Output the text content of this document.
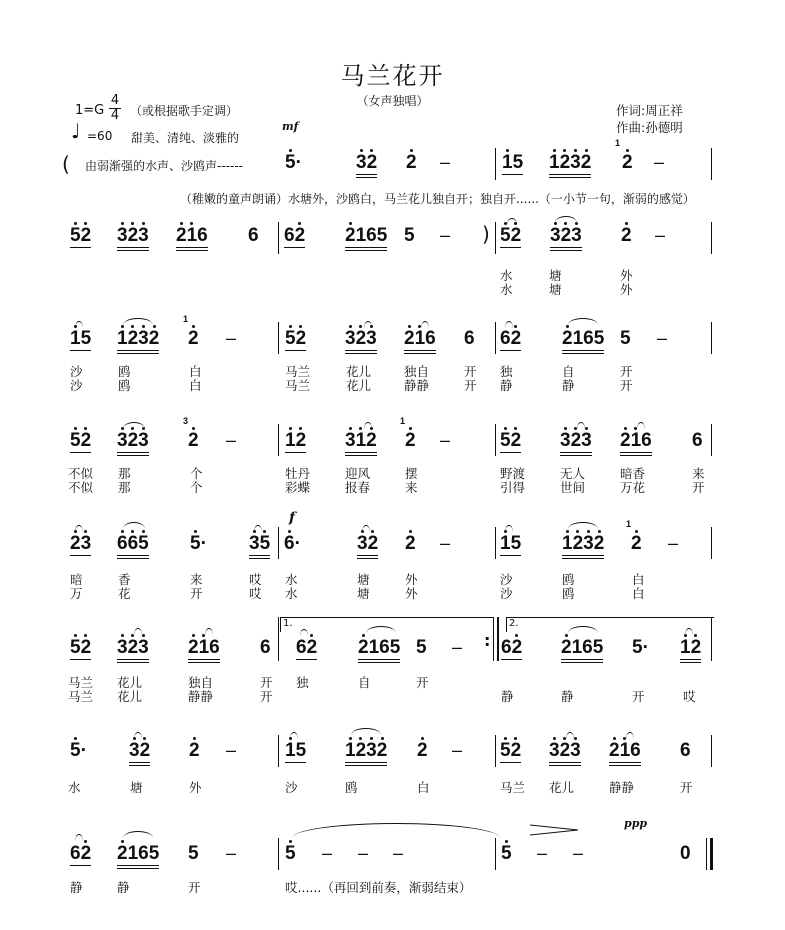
马兰花开
（女声独唱）
1=G
4
4 （或根据歌手定调）
♩ =60 甜美、清纯、淡雅的
作词:周正祥
作曲:孙德明
mf
( 由弱渐强的水声、沙鸥声------ 5·	32 2 –	15 1232
1
2 –
（稚嫩的童声朗诵）水塘外，沙鸥白，马兰花儿独自开；独自开......（一小节一句，渐弱的感觉）
52 323 216 6 62 2165 5 – ) 52 323 2 –
水	塘	外
水	塘	外
15 1232
1
2 –	52 323 216 6 62 2165 5 –
沙	鸥	白	马兰	花儿	独自	开 独	自	开
沙	鸥	白	马兰	花儿	静静	开 静	静	开
52 323
3
2 –	12 312
1
2 –	52 323 216 6
不似 那	个	牡丹	迎风	摆	野渡	无人	暗香	来
不似 那	个	彩蝶	报春	来	引得	世间	万花	开
f
23 665 5· 35 6·	32 2 –	15 1232
1
2 –
暗	香	来	哎 水	塘	外	沙	鸥	白
万	花	开	哎 水	塘	外	沙	鸥	白
1.	2.
52 323 216 6 62 2165 5 – : 62 2165 5· 12
马兰 花儿	独自	开 独	自	开
马兰 花儿	静静	开	静	静	开	哎
5· 32 2 –	15 1232 2 – 52 323 216 6
水	塘	外	沙	鸥	白	马兰 花儿	静静	开
62 2165 5 –	5 – – –	5 – –
ppp
0
静	静	开	哎......（再回到前奏，渐弱结束）
